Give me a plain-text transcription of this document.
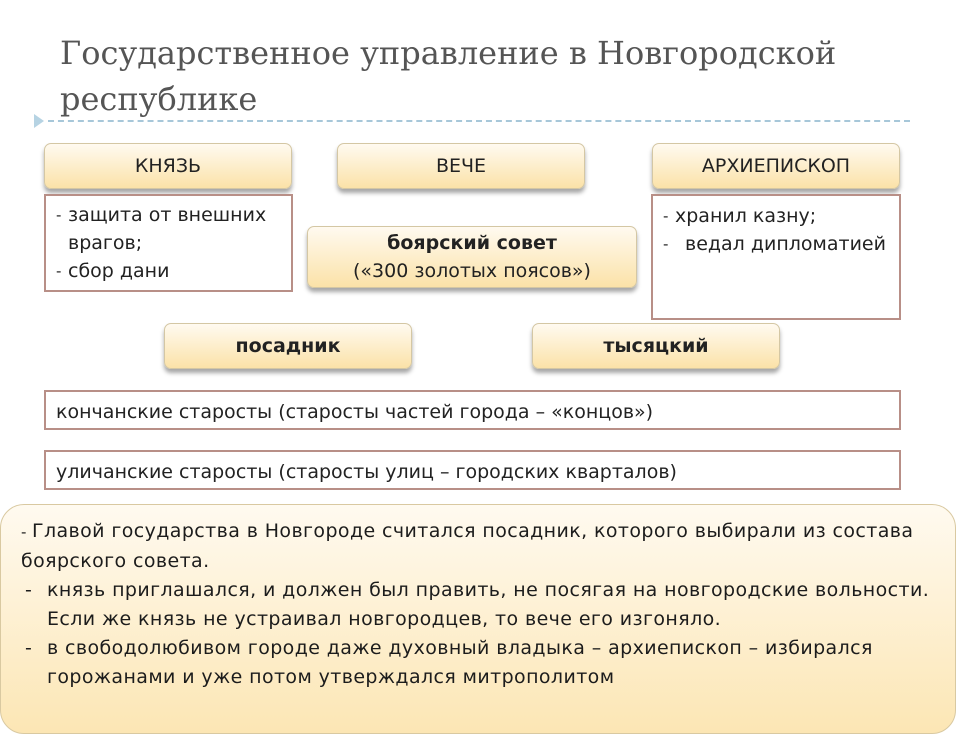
Государственное управление в Новгородской республике
КНЯЗЬ	ВЕЧЕ	АРХИЕПИСКОП
- защита от внешних врагов;
- сбор дани
боярский совет
(«300 золотых поясов»)
- хранил казну;
- ведал дипломатией
посадник	тысяцкий
кончанские старосты (старосты частей города – «концов»)
уличанские старосты (старосты улиц – городских кварталов)

- Главой государства в Новгороде считался посадник, которого выбирали из состава боярского совета.

- князь приглашался, и должен был править, не посягая на новгородские вольности. Если же князь не устраивал новгородцев, то вече его изгоняло.
- в свободолюбивом городе даже духовный владыка – архиепископ – избирался горожанами и уже потом утверждался митрополитом
